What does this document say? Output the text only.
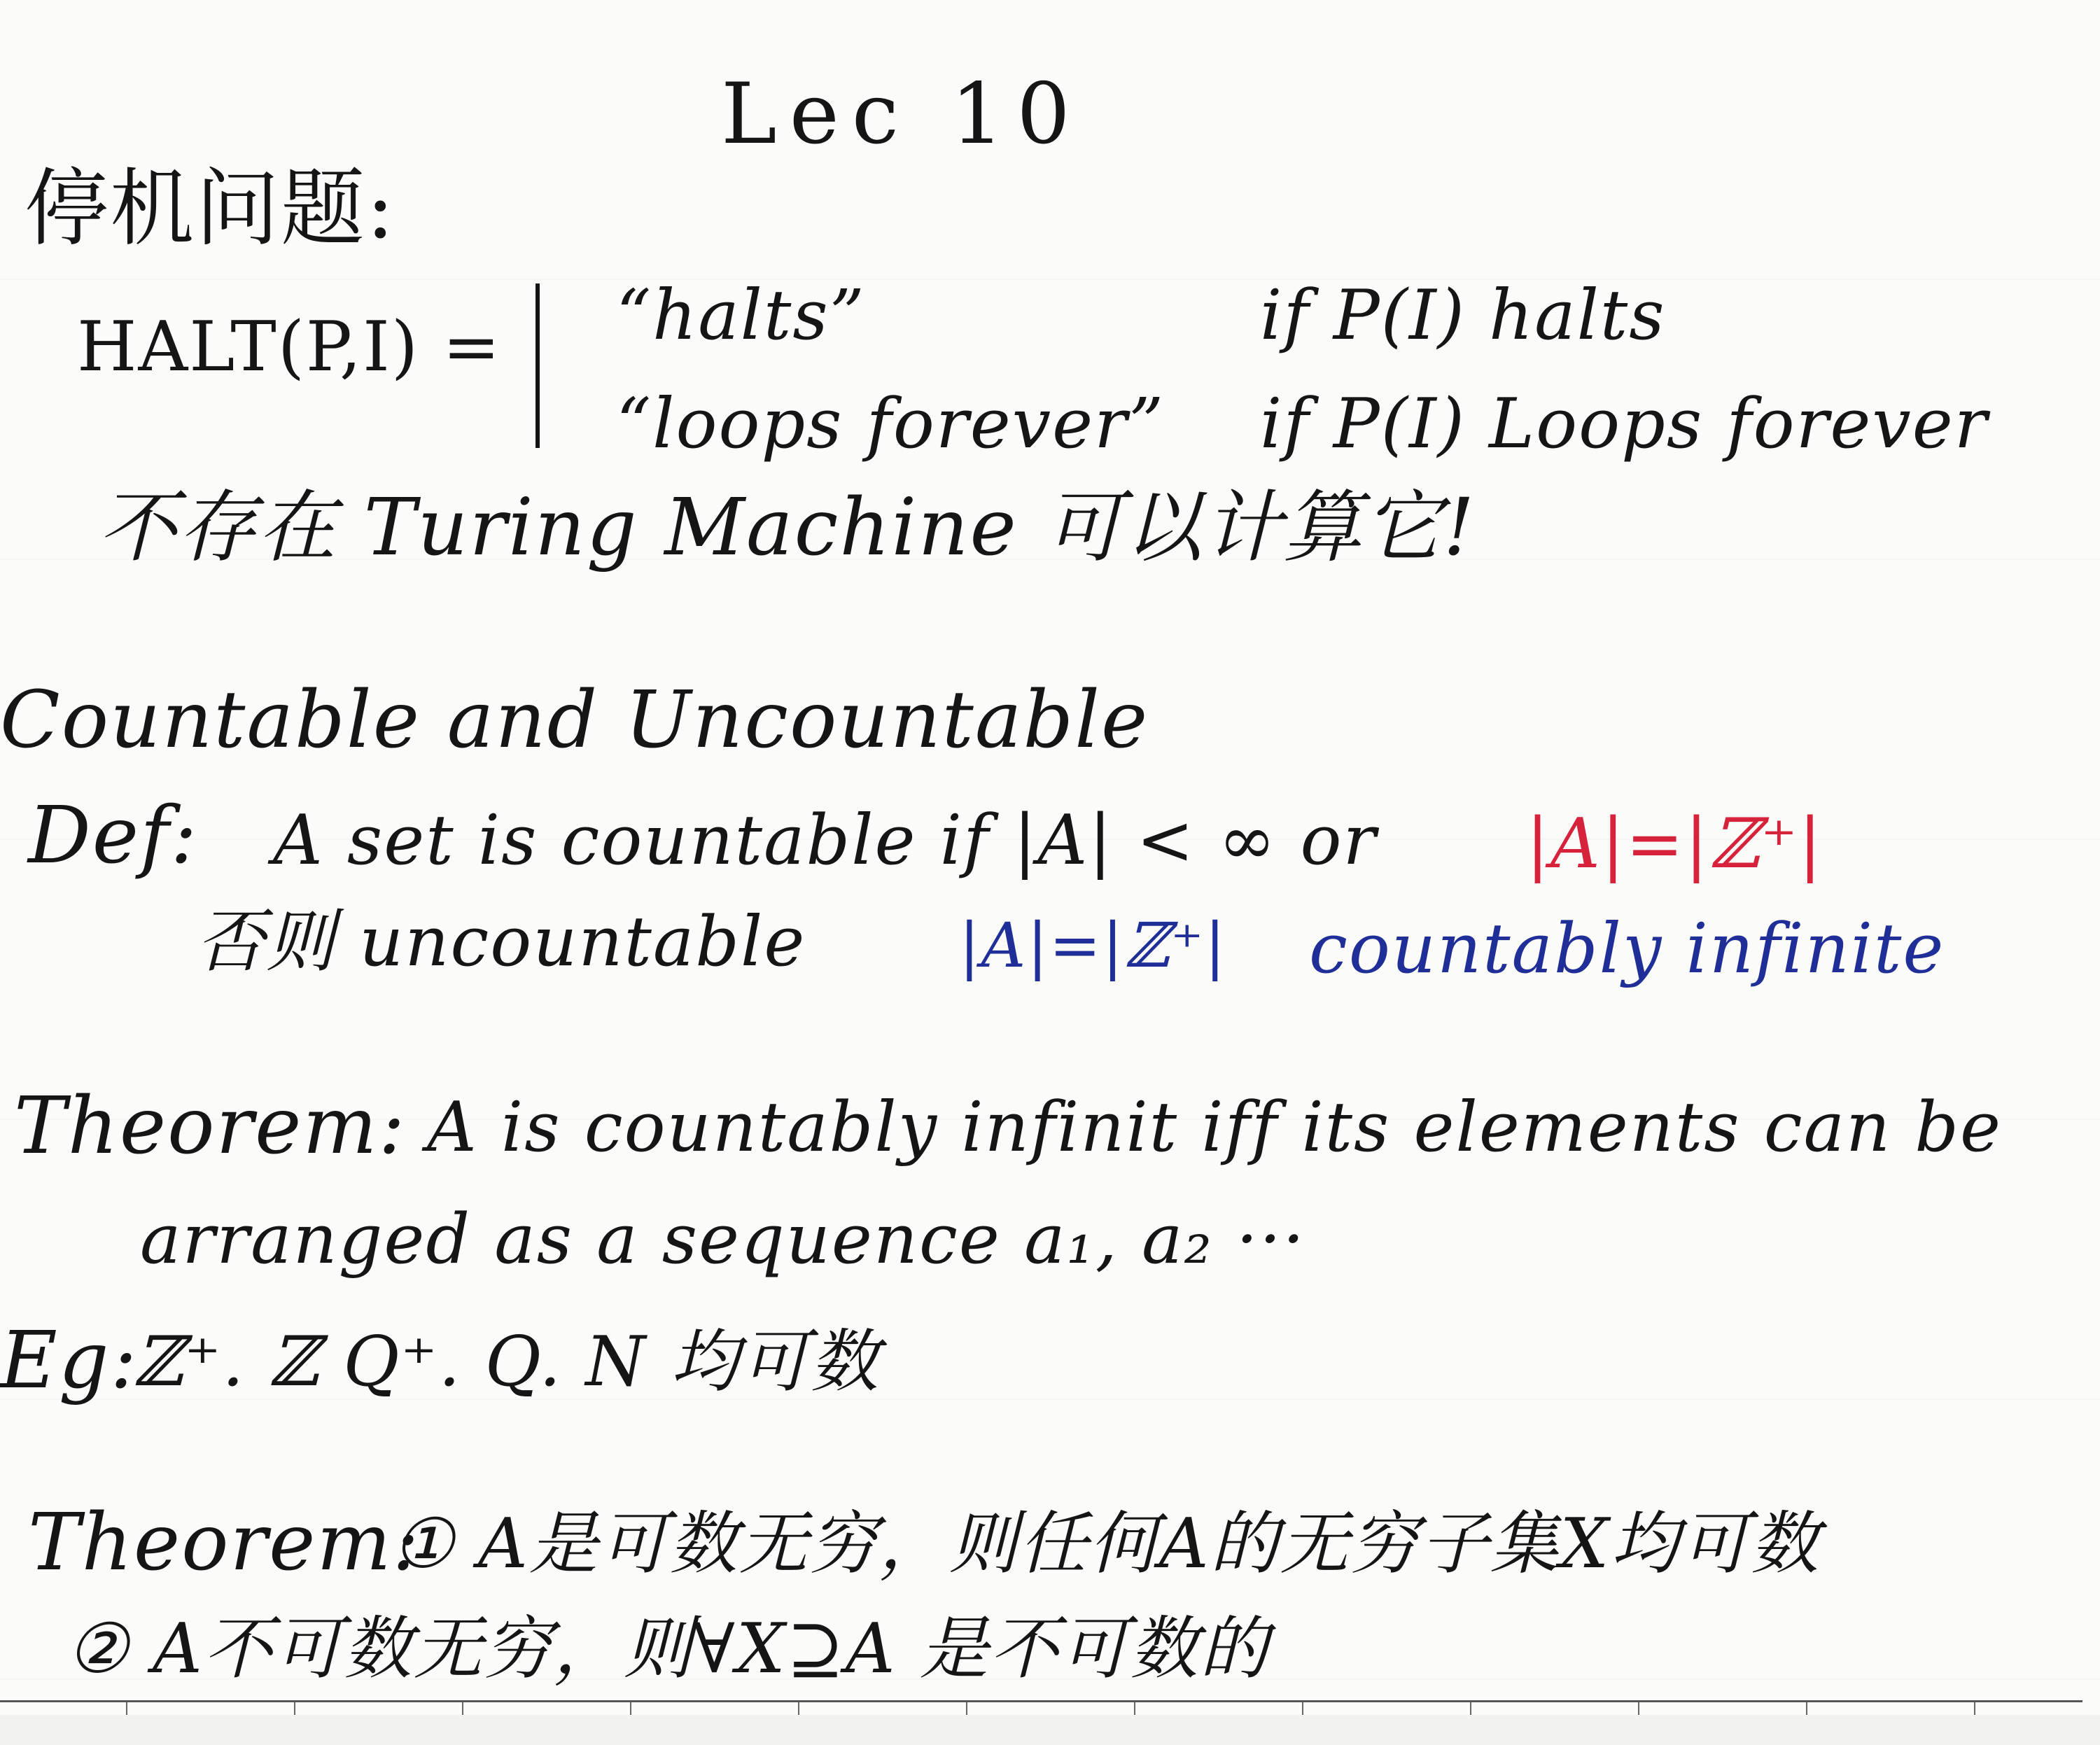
Lec 10
停机问题:
HALT(P,I) = “halts”	if P(I) halts
“loops forever” if P(I) Loops forever
不存在 Turing Machine 可以计算它!
Countable and Uncountable
Def: A set is countable if |A| < ∞ or |A|=|ℤ⁺|
否则 uncountable |A|=|ℤ⁺| countably infinite
Theorem: A is countably infinit iff its elements can be
arranged as a sequence a₁, a₂ ···
Eg:
ℤ⁺. ℤ Q⁺. Q. N 均可数
Theorem:
① A是可数无穷，则任何A的无穷子集X均可数
② A不可数无穷，则∀X⊇A 是不可数的
